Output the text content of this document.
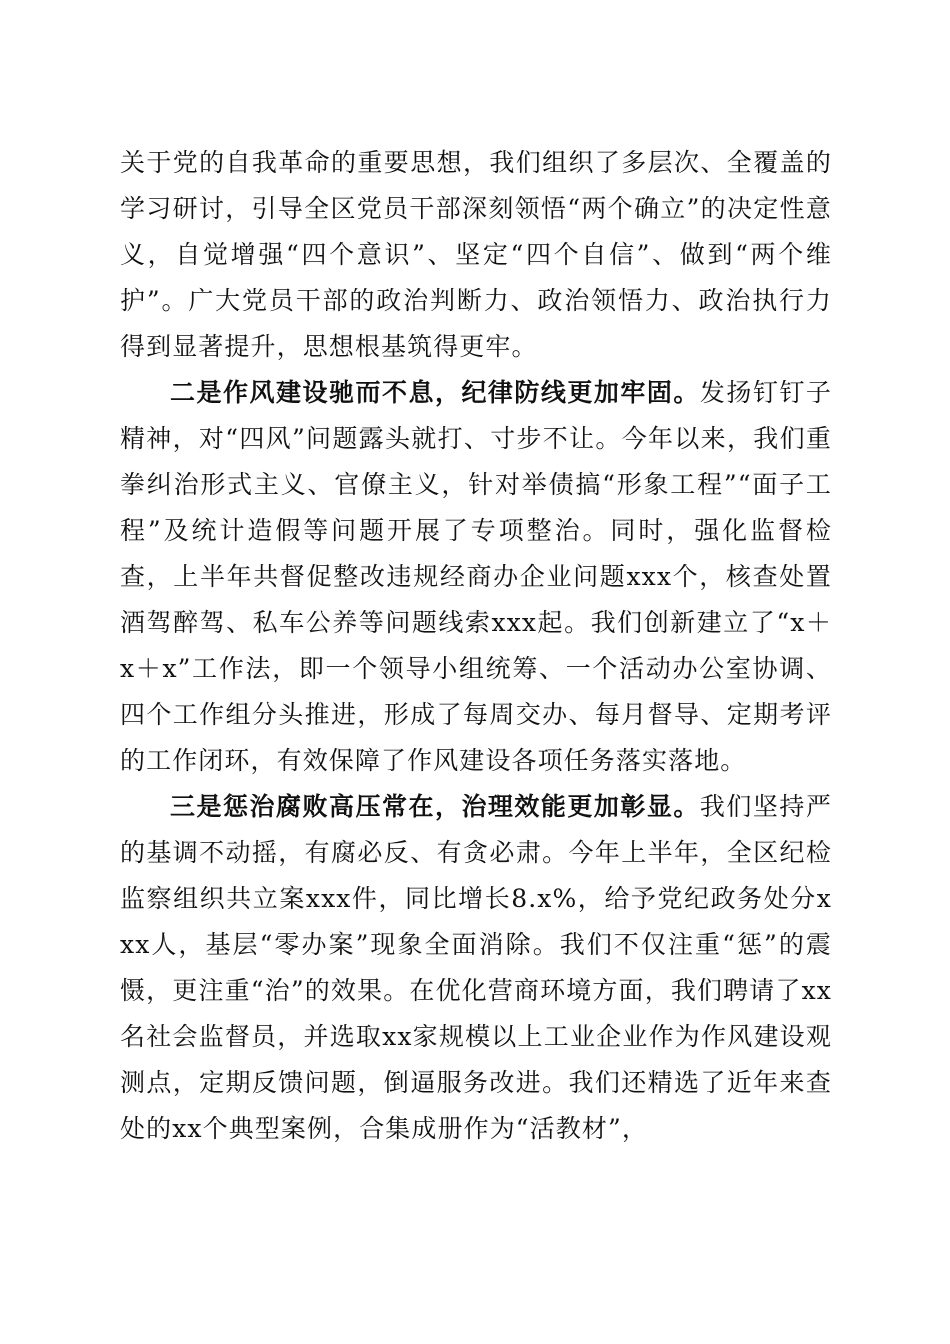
关于党的自我革命的重要思想，我们组织了多层次、全覆盖的学习研讨，引导全区党员干部深刻领悟“两个确立”的决定性意义，自觉增强“四个意识”、坚定“四个自信”、做到“两个维护”。广大党员干部的政治判断力、政治领悟力、政治执行力得到显著提升，思想根基筑得更牢。

二是作风建设驰而不息，纪律防线更加牢固。发扬钉钉子精神，对“四风”问题露头就打、寸步不让。今年以来，我们重拳纠治形式主义、官僚主义，针对举债搞“形象工程”“面子工程”及统计造假等问题开展了专项整治。同时，强化监督检查，上半年共督促整改违规经商办企业问题xxx个，核查处置酒驾醉驾、私车公养等问题线索xxx起。我们创新建立了“x＋x＋x”工作法，即一个领导小组统筹、一个活动办公室协调、四个工作组分头推进，形成了每周交办、每月督导、定期考评的工作闭环，有效保障了作风建设各项任务落实落地。

三是惩治腐败高压常在，治理效能更加彰显。我们坚持严的基调不动摇，有腐必反、有贪必肃。今年上半年，全区纪检监察组织共立案xxx件，同比增长8.x%，给予党纪政务处分xxx人，基层“零办案”现象全面消除。我们不仅注重“惩”的震慑，更注重“治”的效果。在优化营商环境方面，我们聘请了xx名社会监督员，并选取xx家规模以上工业企业作为作风建设观测点，定期反馈问题，倒逼服务改进。我们还精选了近年来查处的xx个典型案例，合集成册作为“活教材”，
